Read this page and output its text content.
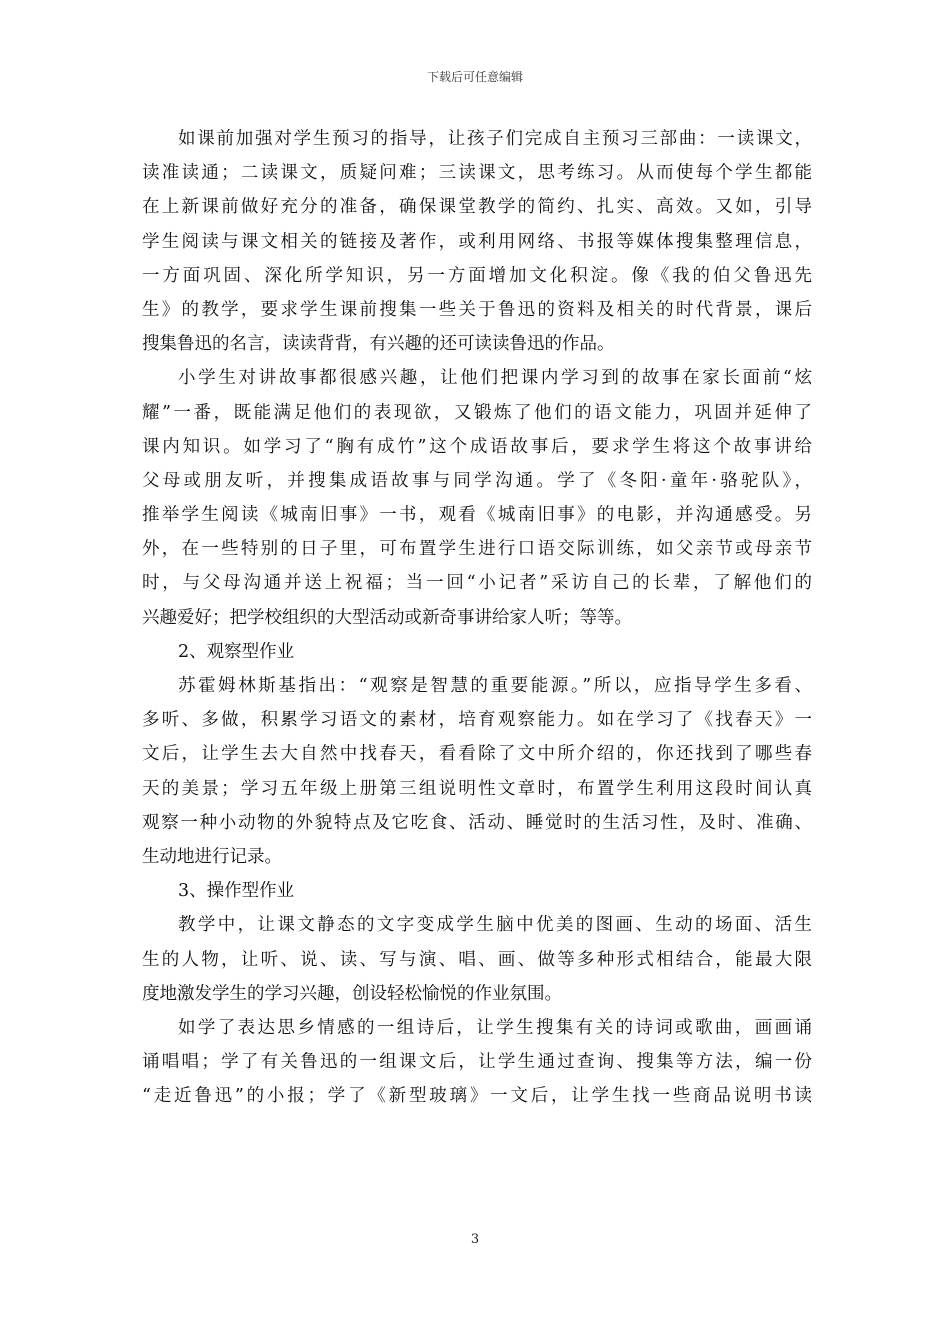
下载后可任意编辑
如课前加强对学生预习的指导，让孩子们完成自主预习三部曲：一读课文，
读准读通；二读课文，质疑问难；三读课文，思考练习。从而使每个学生都能
在上新课前做好充分的准备，确保课堂教学的简约、扎实、高效。又如，引导
学生阅读与课文相关的链接及著作，或利用网络、书报等媒体搜集整理信息，
一方面巩固、深化所学知识，另一方面增加文化积淀。像《我的伯父鲁迅先
生》的教学，要求学生课前搜集一些关于鲁迅的资料及相关的时代背景，课后
搜集鲁迅的名言，读读背背，有兴趣的还可读读鲁迅的作品。
小学生对讲故事都很感兴趣，让他们把课内学习到的故事在家长面前“炫
耀”一番，既能满足他们的表现欲，又锻炼了他们的语文能力，巩固并延伸了
课内知识。如学习了“胸有成竹”这个成语故事后，要求学生将这个故事讲给
父母或朋友听，并搜集成语故事与同学沟通。学了《冬阳·童年·骆驼队》，
推举学生阅读《城南旧事》一书，观看《城南旧事》的电影，并沟通感受。另
外，在一些特别的日子里，可布置学生进行口语交际训练，如父亲节或母亲节
时，与父母沟通并送上祝福；当一回“小记者”采访自己的长辈，了解他们的
兴趣爱好；把学校组织的大型活动或新奇事讲给家人听；等等。
2、观察型作业
苏霍姆林斯基指出：“观察是智慧的重要能源。”所以，应指导学生多看、
多听、多做，积累学习语文的素材，培育观察能力。如在学习了《找春天》一
文后，让学生去大自然中找春天，看看除了文中所介绍的，你还找到了哪些春
天的美景；学习五年级上册第三组说明性文章时，布置学生利用这段时间认真
观察一种小动物的外貌特点及它吃食、活动、睡觉时的生活习性，及时、准确、
生动地进行记录。
3、操作型作业
教学中，让课文静态的文字变成学生脑中优美的图画、生动的场面、活生
生的人物，让听、说、读、写与演、唱、画、做等多种形式相结合，能最大限
度地激发学生的学习兴趣，创设轻松愉悦的作业氛围。
如学了表达思乡情感的一组诗后，让学生搜集有关的诗词或歌曲，画画诵
诵唱唱；学了有关鲁迅的一组课文后，让学生通过查询、搜集等方法，编一份
“走近鲁迅”的小报；学了《新型玻璃》一文后，让学生找一些商品说明书读
3
